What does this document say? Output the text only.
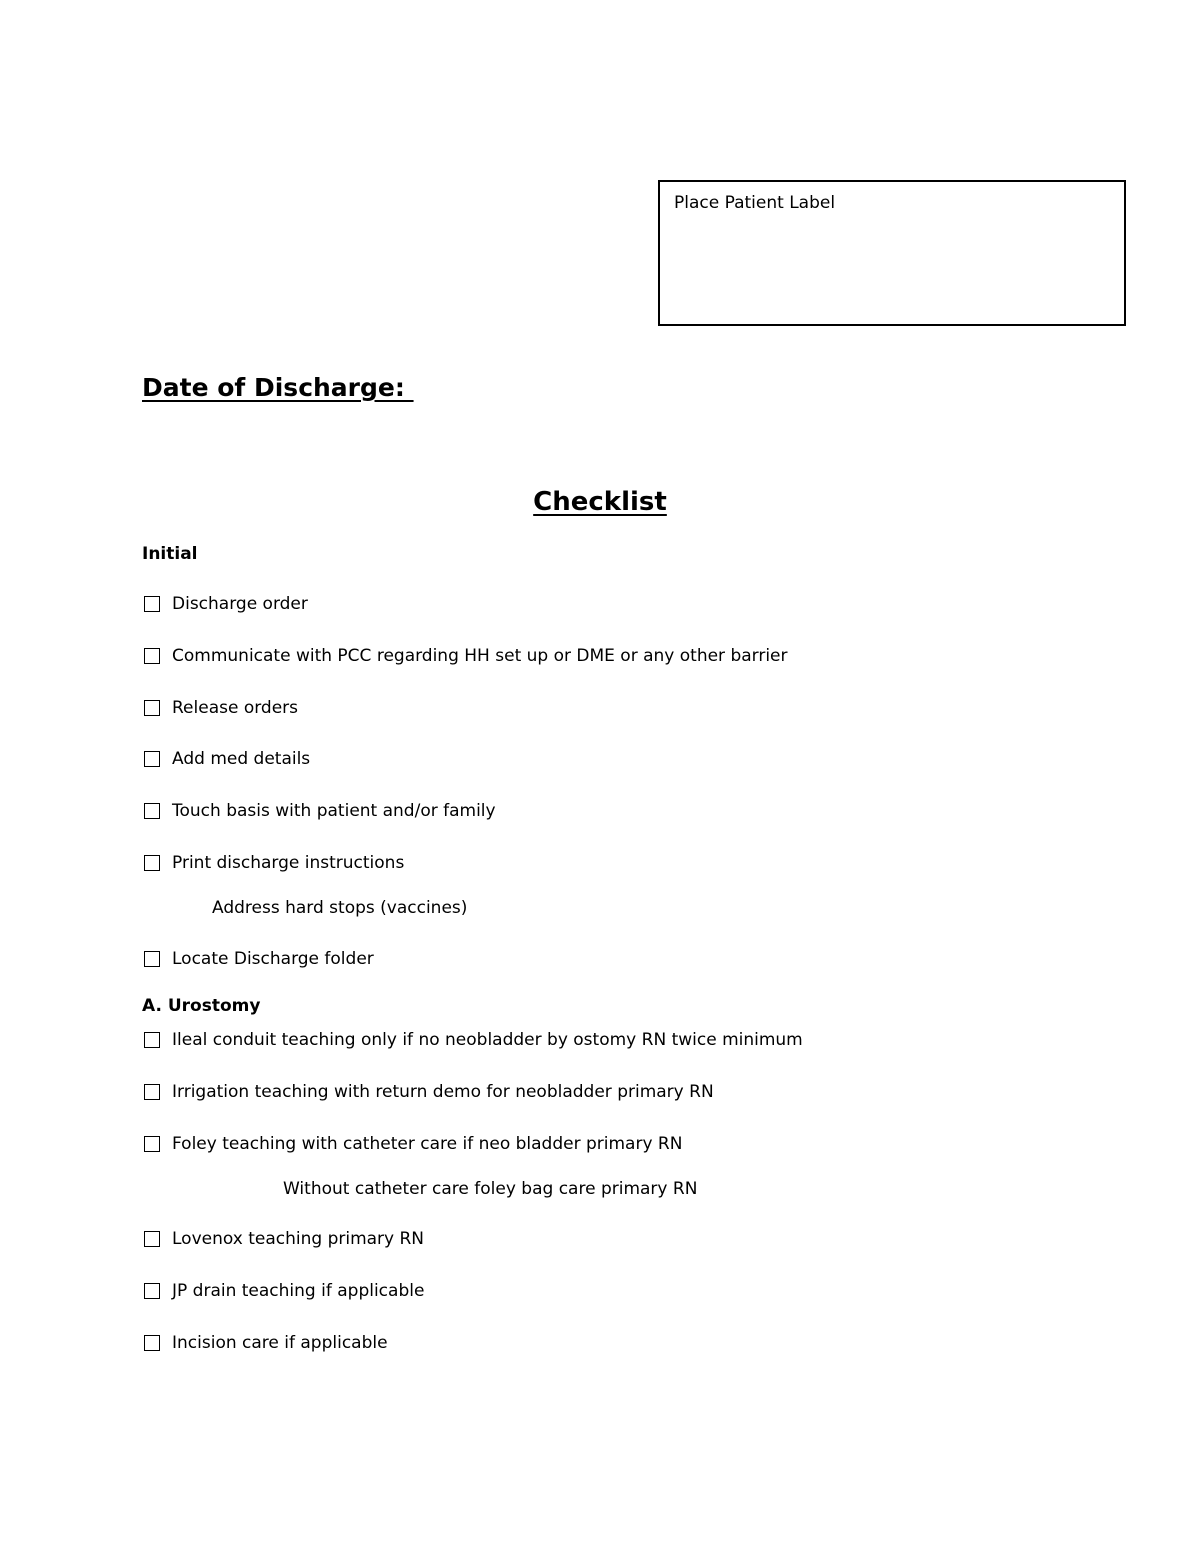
Place Patient Label
Date of Discharge:
Checklist
Initial
Discharge order
Communicate with PCC regarding HH set up or DME or any other barrier
Release orders
Add med details
Touch basis with patient and/or family
Print discharge instructions
Address hard stops (vaccines)
Locate Discharge folder
A. Urostomy
Ileal conduit teaching only if no neobladder by ostomy RN twice minimum
Irrigation teaching with return demo for neobladder primary RN
Foley teaching with catheter care if neo bladder primary RN
Without catheter care foley bag care primary RN
Lovenox teaching primary RN
JP drain teaching if applicable
Incision care if applicable
